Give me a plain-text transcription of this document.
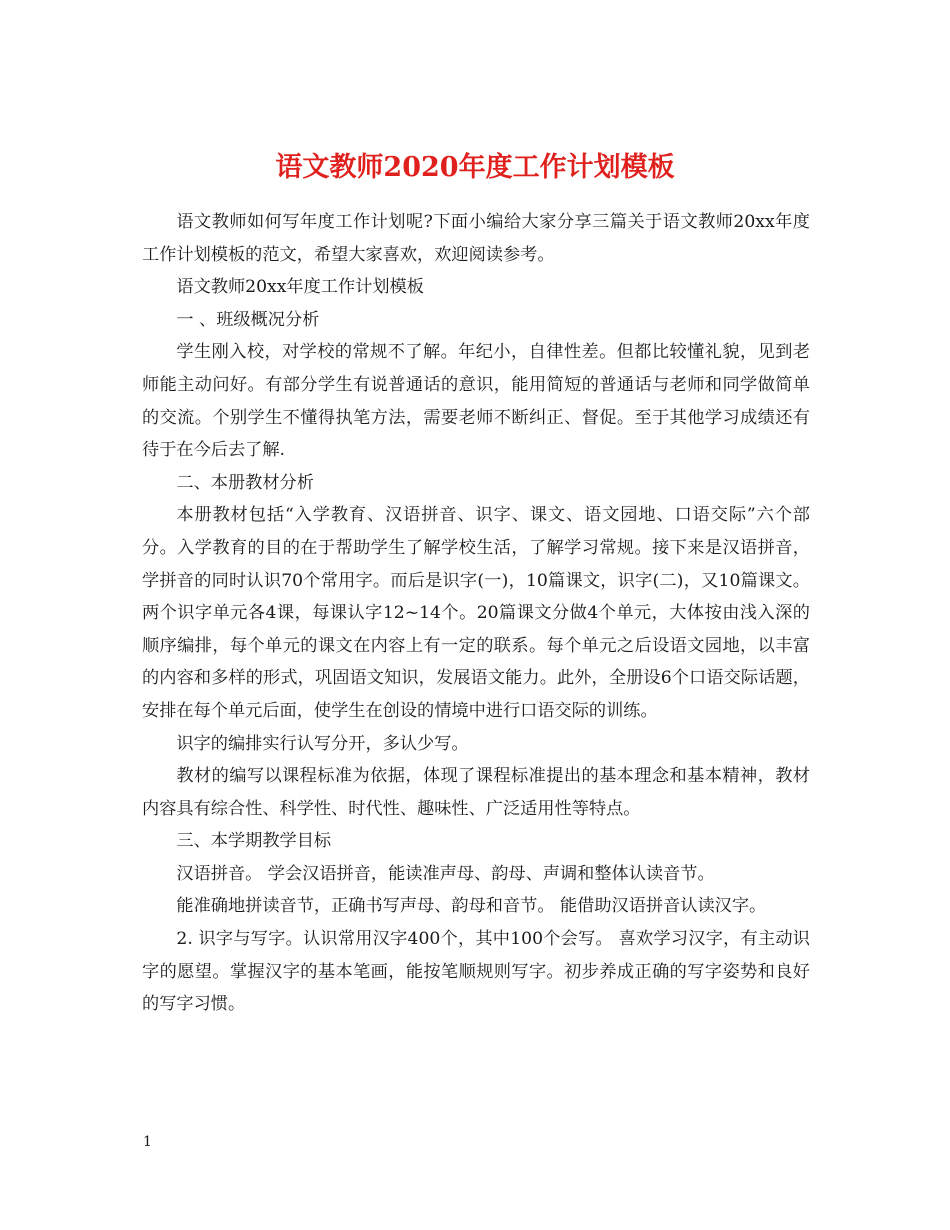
语文教师2020年度工作计划模板

语文教师如何写年度工作计划呢?下面小编给大家分享三篇关于语文教师20xx年度工作计划模板的范文，希望大家喜欢，欢迎阅读参考。

语文教师20xx年度工作计划模板

一 、班级概况分析

学生刚入校，对学校的常规不了解。年纪小，自律性差。但都比较懂礼貌，见到老师能主动问好。有部分学生有说普通话的意识，能用简短的普通话与老师和同学做简单的交流。个别学生不懂得执笔方法，需要老师不断纠正、督促。至于其他学习成绩还有待于在今后去了解.

二、本册教材分析

本册教材包括“入学教育、汉语拼音、识字、课文、语文园地、口语交际”六个部分。入学教育的目的在于帮助学生了解学校生活，了解学习常规。接下来是汉语拼音，学拼音的同时认识70个常用字。而后是识字(一)，10篇课文，识字(二)，又10篇课文。两个识字单元各4课，每课认字12~14个。20篇课文分做4个单元，大体按由浅入深的顺序编排，每个单元的课文在内容上有一定的联系。每个单元之后设语文园地，以丰富的内容和多样的形式，巩固语文知识，发展语文能力。此外，全册设6个口语交际话题，安排在每个单元后面，使学生在创设的情境中进行口语交际的训练。

识字的编排实行认写分开，多认少写。

教材的编写以课程标准为依据，体现了课程标准提出的基本理念和基本精神，教材内容具有综合性、科学性、时代性、趣味性、广泛适用性等特点。

三、本学期教学目标

汉语拼音。 学会汉语拼音，能读准声母、韵母、声调和整体认读音节。

能准确地拼读音节，正确书写声母、韵母和音节。 能借助汉语拼音认读汉字。

2. 识字与写字。认识常用汉字400个，其中100个会写。 喜欢学习汉字，有主动识字的愿望。掌握汉字的基本笔画，能按笔顺规则写字。初步养成正确的写字姿势和良好的写字习惯。

1
